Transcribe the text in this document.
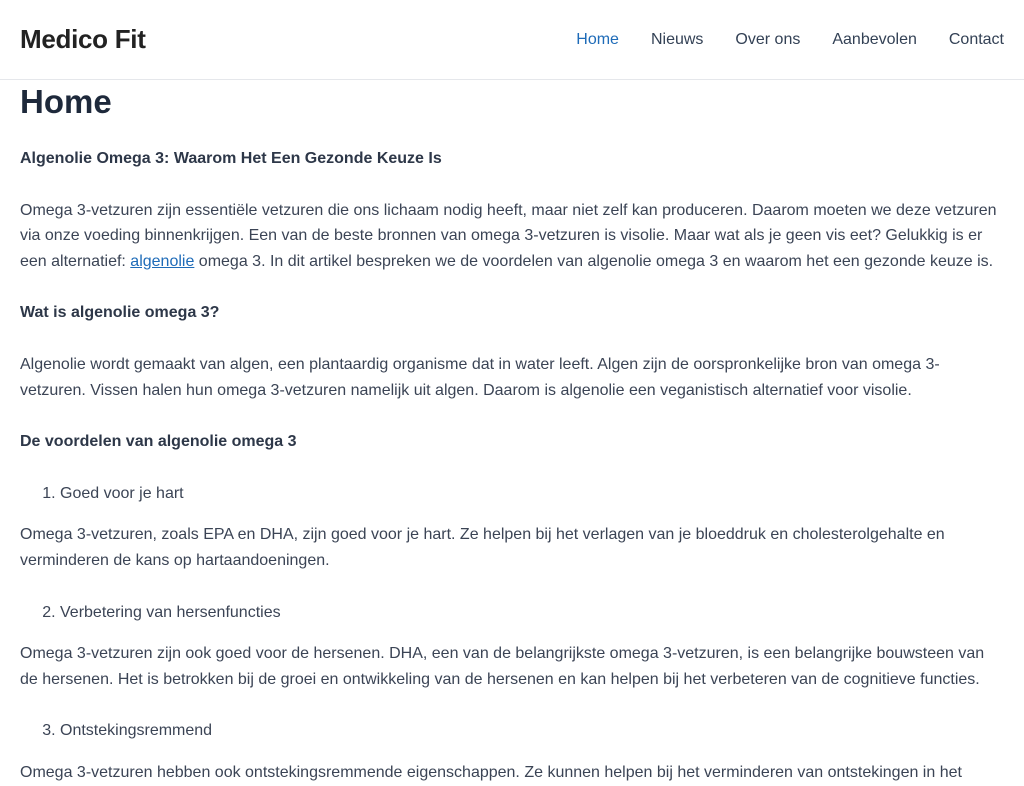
Medico Fit	Home Nieuws Over ons Aanbevolen Contact
Home

Algenolie Omega 3: Waarom Het Een Gezonde Keuze Is

Omega 3-vetzuren zijn essentiële vetzuren die ons lichaam nodig heeft, maar niet zelf kan produceren. Daarom moeten we deze vetzuren via onze voeding binnenkrijgen. Een van de beste bronnen van omega 3-vetzuren is visolie. Maar wat als je geen vis eet? Gelukkig is er een alternatief: algenolie omega 3. In dit artikel bespreken we de voordelen van algenolie omega 3 en waarom het een gezonde keuze is.

Wat is algenolie omega 3?

Algenolie wordt gemaakt van algen, een plantaardig organisme dat in water leeft. Algen zijn de oorspronkelijke bron van omega 3-vetzuren. Vissen halen hun omega 3-vetzuren namelijk uit algen. Daarom is algenolie een veganistisch alternatief voor visolie.

De voordelen van algenolie omega 3

1. Goed voor je hart

Omega 3-vetzuren, zoals EPA en DHA, zijn goed voor je hart. Ze helpen bij het verlagen van je bloeddruk en cholesterolgehalte en verminderen de kans op hartaandoeningen.

2. Verbetering van hersenfuncties

Omega 3-vetzuren zijn ook goed voor de hersenen. DHA, een van de belangrijkste omega 3-vetzuren, is een belangrijke bouwsteen van de hersenen. Het is betrokken bij de groei en ontwikkeling van de hersenen en kan helpen bij het verbeteren van de cognitieve functies.

3. Ontstekingsremmend

Omega 3-vetzuren hebben ook ontstekingsremmende eigenschappen. Ze kunnen helpen bij het verminderen van ontstekingen in het
